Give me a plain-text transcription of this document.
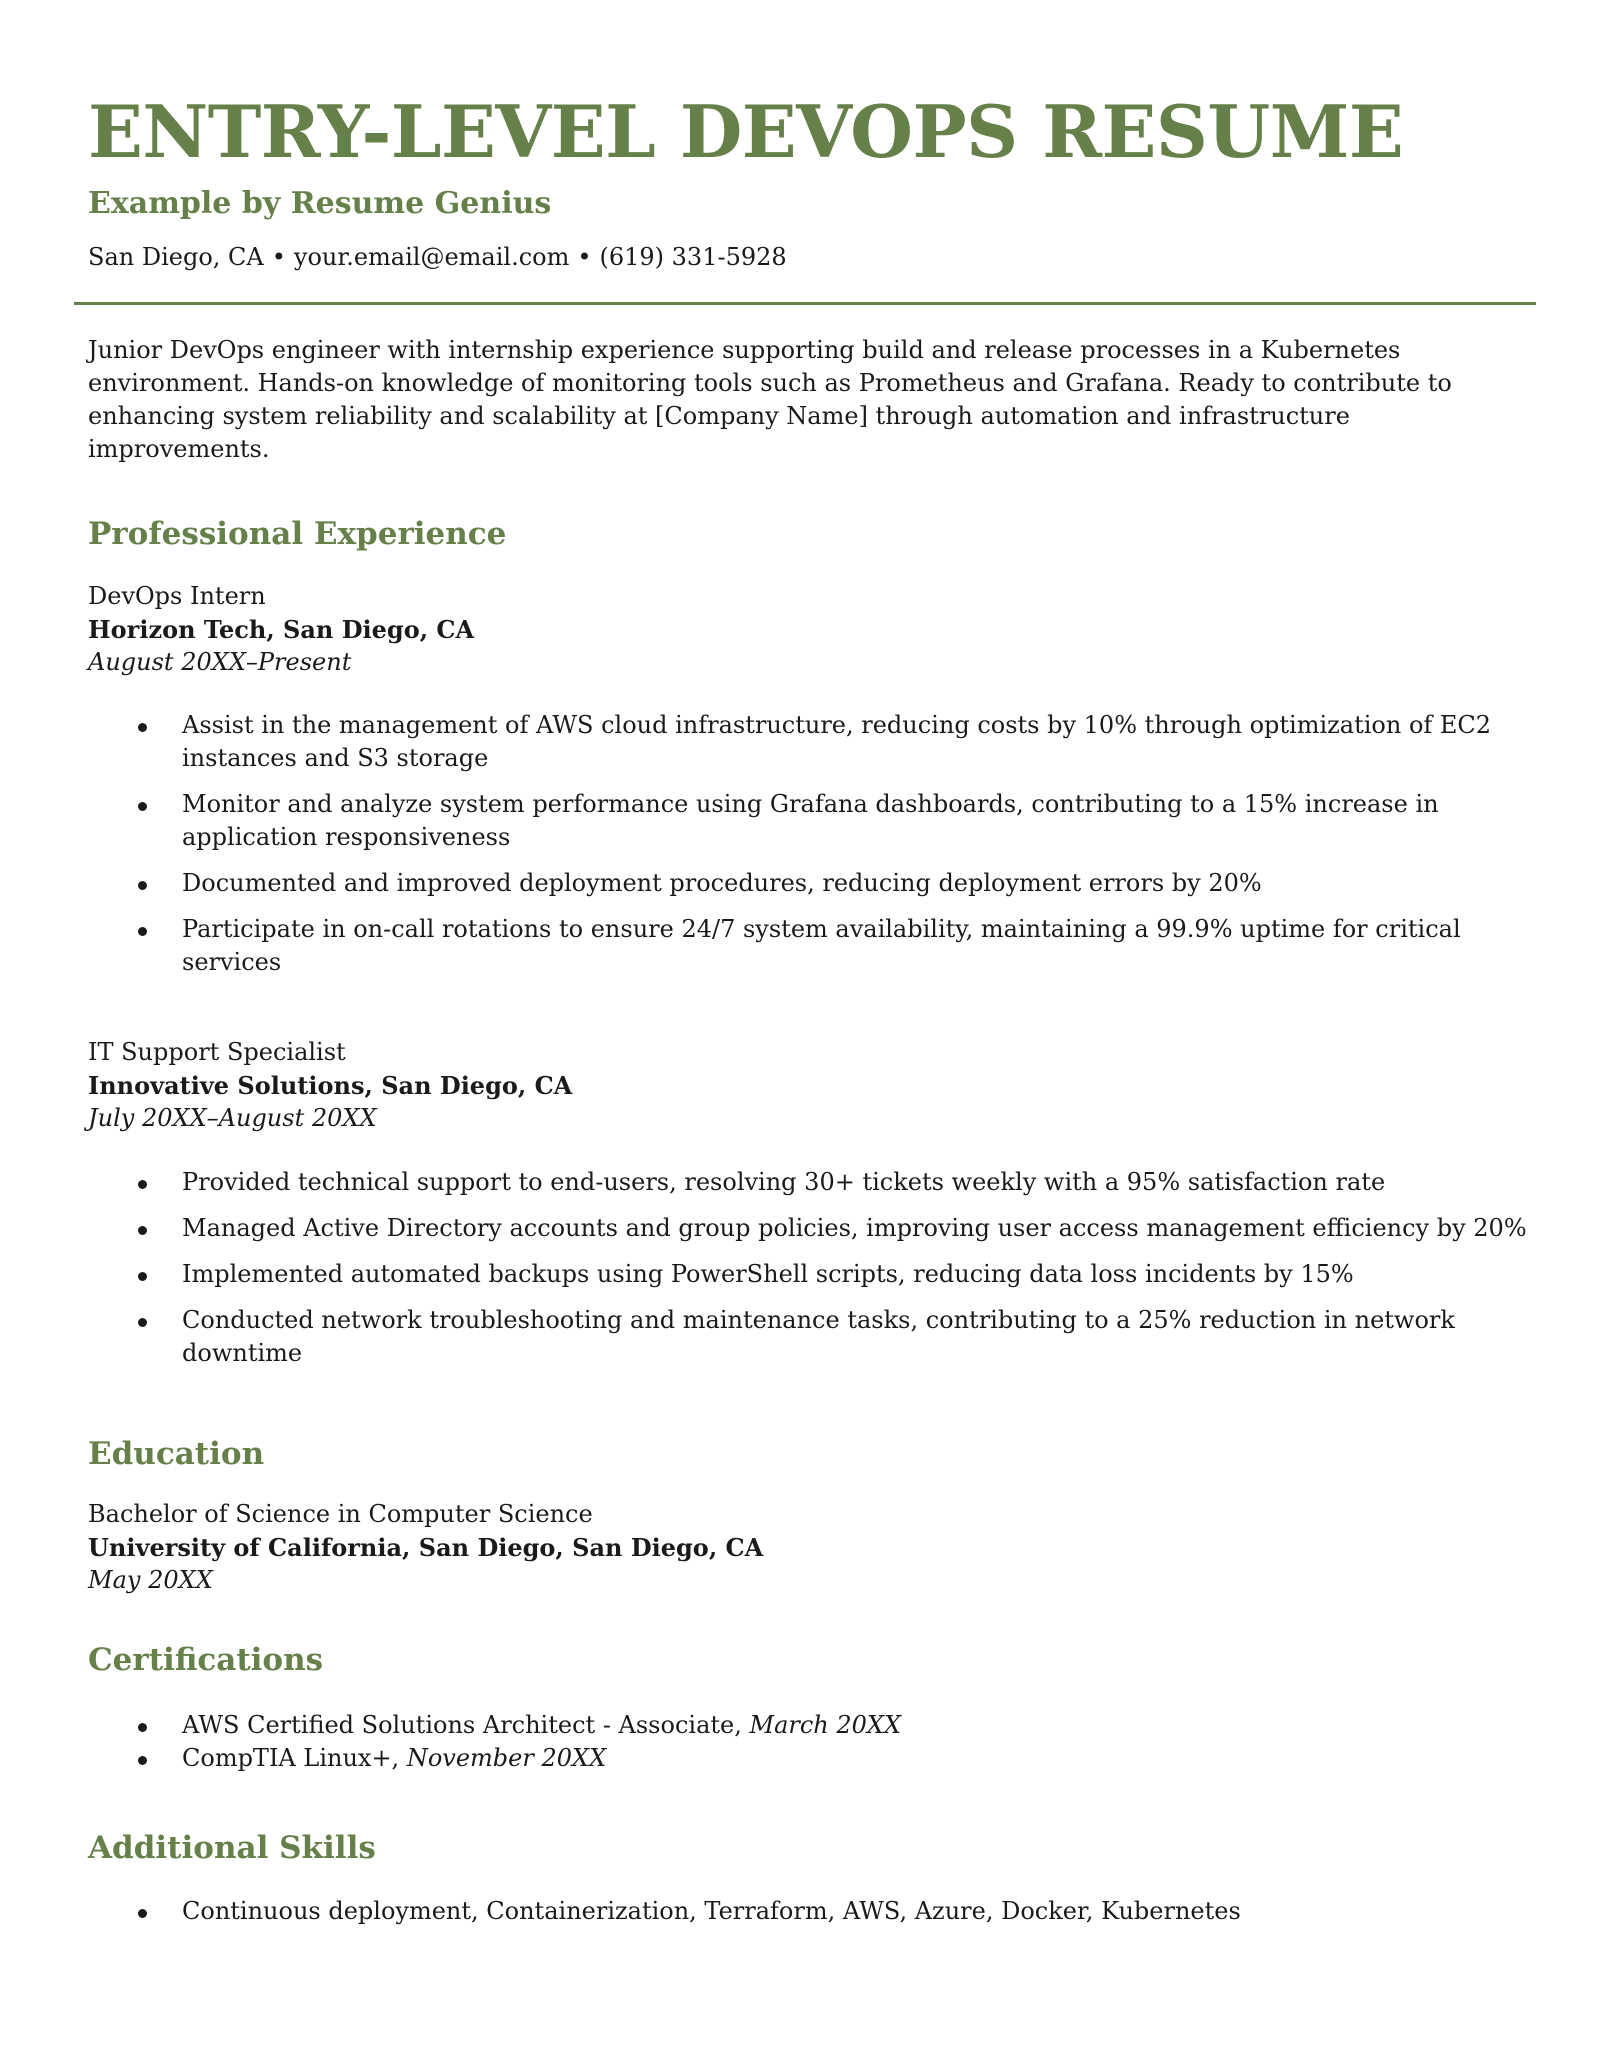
ENTRY-LEVEL DEVOPS RESUME
Example by Resume Genius
San Diego, CA • your.email@email.com • (619) 331-5928

Junior DevOps engineer with internship experience supporting build and release processes in a Kubernetes environment. Hands-on knowledge of monitoring tools such as Prometheus and Grafana. Ready to contribute to enhancing system reliability and scalability at [Company Name] through automation and infrastructure improvements.

Professional Experience
DevOps Intern
Horizon Tech, San Diego, CA
August 20XX–Present
Assist in the management of AWS cloud infrastructure, reducing costs by 10% through optimization of EC2 instances and S3 storage
Monitor and analyze system performance using Grafana dashboards, contributing to a 15% increase in application responsiveness
Documented and improved deployment procedures, reducing deployment errors by 20%
Participate in on-call rotations to ensure 24/7 system availability, maintaining a 99.9% uptime for critical services
IT Support Specialist
Innovative Solutions, San Diego, CA
July 20XX–August 20XX
Provided technical support to end-users, resolving 30+ tickets weekly with a 95% satisfaction rate
Managed Active Directory accounts and group policies, improving user access management efficiency by 20%
Implemented automated backups using PowerShell scripts, reducing data loss incidents by 15%
Conducted network troubleshooting and maintenance tasks, contributing to a 25% reduction in network downtime
Education
Bachelor of Science in Computer Science
University of California, San Diego, San Diego, CA
May 20XX
Certifications
AWS Certified Solutions Architect - Associate, March 20XX
CompTIA Linux+, November 20XX
Additional Skills
Continuous deployment, Containerization, Terraform, AWS, Azure, Docker, Kubernetes
